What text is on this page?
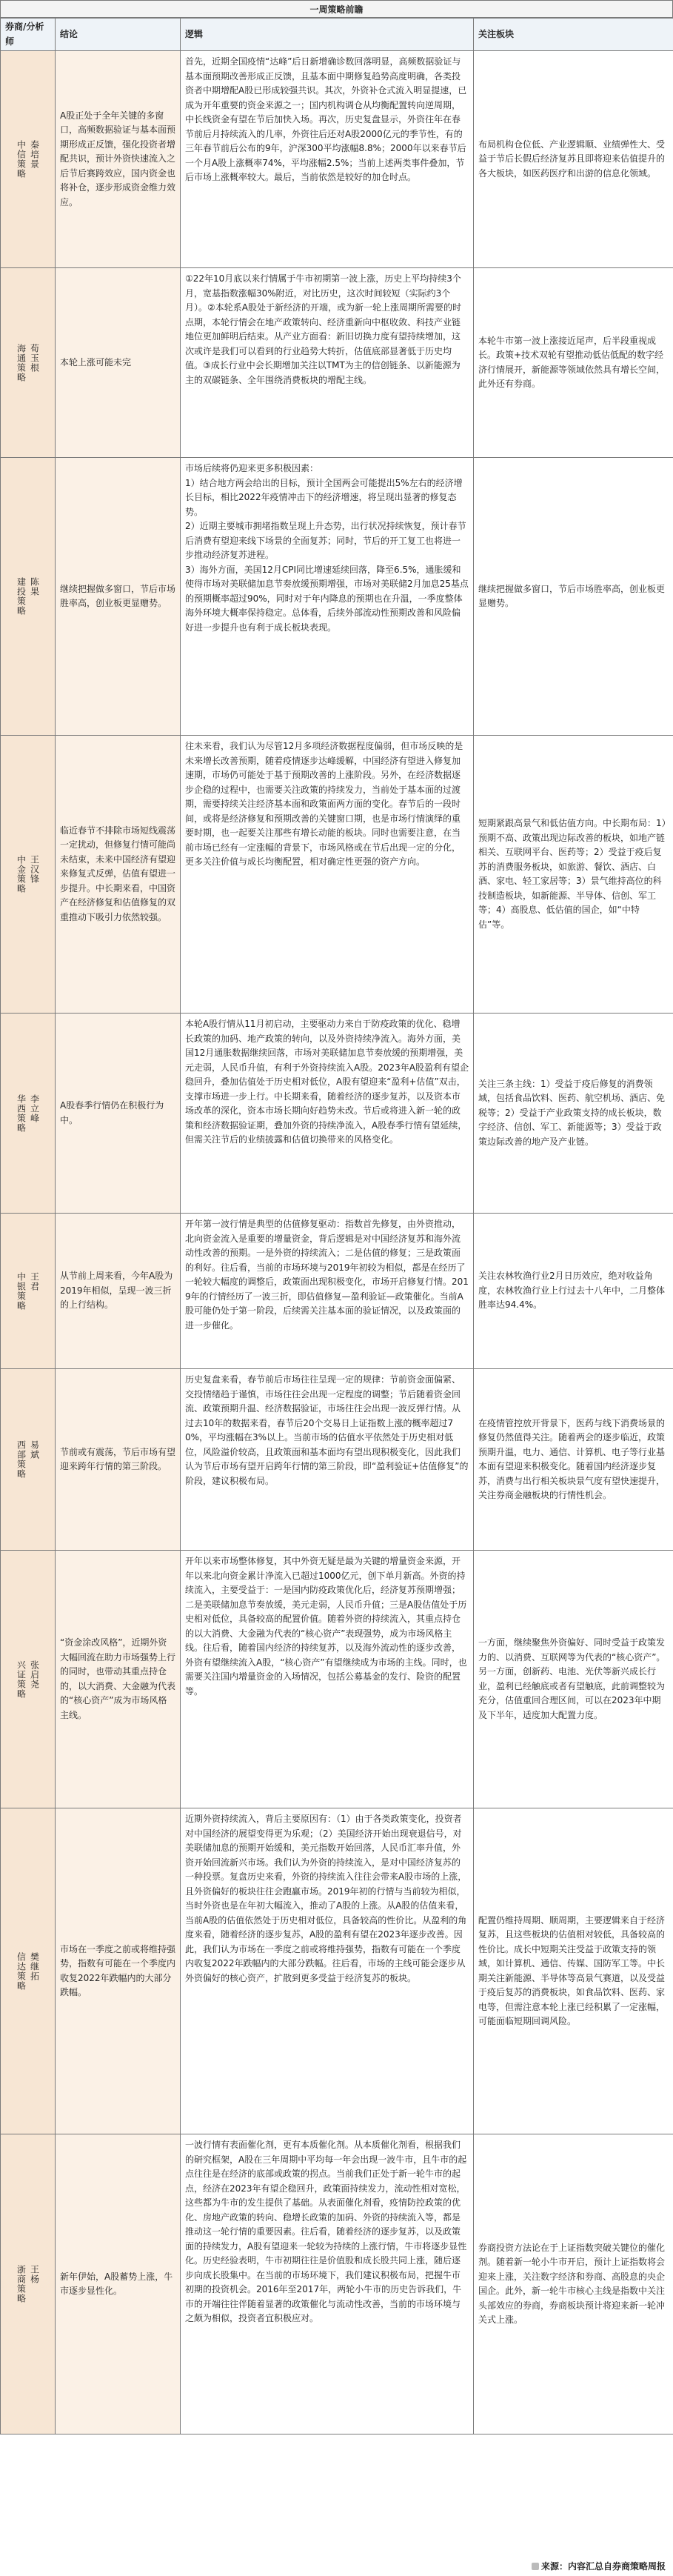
一周策略前瞻
券商/分析师	结论	逻辑	关注板块

中信策略 秦培景	A股正处于全年关键的多窗口，高频数据验证与基本面预期形成正反馈，强化投资者增配共识，预计外资快速流入之后节后赛跨效应，国内资金也将补仓，逐步形成资金维力效应。	首先，近期全国疫情“达峰”后日新增确诊数回落明显，高频数据验证与基本面预期改善形成正反馈，且基本面中期修复趋势高度明确，各类投资者中期增配A股已形成较强共识。其次，外资补仓式流入明显提速，已成为开年重要的资金来源之一；国内机构调仓从均衡配置转向逆周期，中长线资金有望在节后加快入场。再次，历史复盘显示，外资往年在春节前后月持续流入的几率，外资往后还对A股2000亿元的季节性，有的三年春节前后公布的9年，沪深300平均涨幅8.8%；2000年以来春节后一个月A股上涨概率74%，平均涨幅2.5%；当前上述两类事件叠加，节后市场上涨概率较大。最后，当前依然是较好的加仓时点。	布局机构仓位低、产业逻辑顺、业绩弹性大、受益于节后长假后经济复苏且即将迎来估值提升的各大板块，如医药医疗和出游的信息化领域。

海通策略 荀玉根	本轮上涨可能未完	①22年10月底以来行情属于牛市初期第一波上涨，历史上平均持续3个月，宽基指数涨幅30%附近，对比历史，这次时间较短（实际约3个月）。②本轮系A股处于新经济的开端，或为新一轮上涨周期所需要的时点期，本轮行情会在地产政策转向、经济重新向中枢收敛、科技产业链地位更加鲜明后结束。从产业方面看：新旧切换力度有望持续增加，这次或许是我们可以看到的行业趋势大转折，估值底部显著低于历史均值。③成长行业中会长期增加关注以TMT为主的信创链条、以新能源为主的双碳链条、全年围绕消费板块的增配主线。	本轮牛市第一波上涨接近尾声，后半段重视成长。政策+技术双轮有望推动低估低配的数字经济行情展开，新能源等领域依然具有增长空间，此外还有券商。

建投策略 陈果	继续把握做多窗口，节后市场胜率高，创业板更显赠势。	市场后续将仍迎来更多积极因素：
1）结合地方两会给出的目标，预计全国两会可能提出5%左右的经济增长目标，相比2022年疫情冲击下的经济增速，将呈现出显著的修复态势。
2）近期主要城市拥堵指数呈现上升态势，出行状况持续恢复，预计春节后消费有望迎来线下场景的全面复苏；同时，节后的开工复工也将进一步推动经济复苏进程。
3）海外方面，美国12月CPI同比增速延续回落，降至6.5%，通胀缓和使得市场对美联储加息节奏放缓预期增强，市场对美联储2月加息25基点的预期概率超过90%，同时对于年内降息的预期也在升温，一季度整体海外环境大概率保持稳定。总体看，后续外部流动性预期改善和风险偏好进一步提升也有利于成长板块表现。	继续把握做多窗口，节后市场胜率高，创业板更显赠势。

中金策略 王汉锋	临近春节不排除市场短线震荡一定扰动，但修复行情可能尚未结束，未来中国经济有望迎来修复式反弹，估值有望进一步提升。中长期来看，中国资产在经济修复和估值修复的双重推动下吸引力依然较强。	往未来看，我们认为尽管12月多项经济数据程度偏弱，但市场反映的是未来增长改善预期，随着疫情逐步达峰缓解，中国经济有望进入修复加速期，市场仍可能处于基于预期改善的上涨阶段。另外，在经济数据逐步企稳的过程中，也需要关注政策的持续发力，当前处于基本面的过渡期，需要持续关注经济基本面和政策面两方面的变化。春节后的一段时间，或将是经济修复和预期改善的关键窗口期，也是市场行情演绎的重要时期，也一起要关注那些有增长动能的板块。同时也需要注意，在当前市场已经有一定涨幅的背景下，市场风格或在节后出现一定的分化，更多关注价值与成长均衡配置，相对确定性更强的资产方向。	短期紧跟高景气和低估值方向。中长期布局：1）预期不高、政策出现边际改善的板块，如地产链相关、互联网平台、医药等；2）受益于疫后复苏的消费服务板块，如旅游、餐饮、酒店、白酒、家电、轻工家居等；3）景气维持高位的科技制造板块，如新能源、半导体、信创、军工等；4）高股息、低估值的国企，如“中特估”等。

华西策略 李立峰	A股春季行情仍在积极行为中。	本轮A股行情从11月初启动，主要驱动力来自于防疫政策的优化、稳增长政策的加码、地产政策的转向，以及外资持续净流入。海外方面，美国12月通胀数据继续回落，市场对美联储加息节奏放缓的预期增强，美元走弱，人民币升值，有利于外资持续流入A股。2023年A股盈利有望企稳回升，叠加估值处于历史相对低位，A股有望迎来“盈利+估值”双击，支撑市场进一步上行。中长期来看，随着经济的逐步复苏，以及资本市场改革的深化，资本市场长期向好趋势未改。节后或将进入新一轮的政策和经济数据验证期，叠加外资的持续净流入，A股春季行情有望延续，但需关注节后的业绩披露和估值切换带来的风格变化。	关注三条主线：1）受益于疫后修复的消费领域，包括食品饮料、医药、航空机场、酒店、免税等；2）受益于产业政策支持的成长板块，数字经济、信创、军工、新能源等；3）受益于政策边际改善的地产及产业链。

中银策略 王君	从节前上周来看，今年A股为2019年相似，呈现一波三折的上行结构。	开年第一波行情是典型的估值修复驱动：指数首先修复，由外资推动，北向资金流入是重要的增量资金，背后逻辑是对中国经济复苏和海外流动性改善的预期。一是外资的持续流入；二是估值的修复；三是政策面的利好。往后看，当前的市场环境与2019年初较为相似，都是在经历了一轮较大幅度的调整后，政策面出现积极变化，市场开启修复行情。2019年的行情经历了一波三折，即估值修复—盈利验证—政策催化。当前A股可能仍处于第一阶段，后续需关注基本面的验证情况，以及政策面的进一步催化。	关注农林牧渔行业2月日历效应，绝对收益角度，农林牧渔行业上行过去十八年中，二月整体胜率达94.4%。

西部策略 易斌	节前或有震荡，节后市场有望迎来跨年行情的第三阶段。	历史复盘来看，春节前后市场往往呈现一定的规律：节前资金面偏紧、交投情绪趋于谨慎，市场往往会出现一定程度的调整；节后随着资金回流、政策预期升温、经济数据验证，市场往往会出现一波反弹行情。从过去10年的数据来看，春节后20个交易日上证指数上涨的概率超过70%，平均涨幅在3%以上。当前市场的估值水平依然处于历史相对低位，风险溢价较高，且政策面和基本面均有望出现积极变化，因此我们认为节后市场有望开启跨年行情的第三阶段，即“盈利验证+估值修复”的阶段，建议积极布局。	在疫情管控放开背景下，医药与线下消费场景的修复仍然值得关注。随着两会的逐步临近，政策预期升温，电力、通信、计算机、电子等行业基本面有望迎来积极变化。随着国内经济逐步复苏，消费与出行相关板块景气度有望快速提升，关注券商金融板块的行情性机会。

兴证策略 张启尧	“资金涂改风格”，近期外资大幅回流在助力市场强势上行的同时，也带动其重点持仓的，以大消费、大金融为代表的“核心资产”成为市场风格主线。	开年以来市场整体修复，其中外资无疑是最为关键的增量资金来源，开年以来北向资金累计净流入已超过1000亿元，创下单月新高。外资的持续流入，主要受益于：一是国内防疫政策优化后，经济复苏预期增强；二是美联储加息节奏放缓，美元走弱，人民币升值；三是A股估值处于历史相对低位，具备较高的配置价值。随着外资的持续流入，其重点持仓的以大消费、大金融为代表的“核心资产”表现强势，成为市场风格主线。往后看，随着国内经济的持续复苏，以及海外流动性的逐步改善，外资有望继续流入A股，“核心资产”有望继续成为市场的主线。同时，也需要关注国内增量资金的入场情况，包括公募基金的发行、险资的配置等。	一方面，继续聚焦外资偏好、同时受益于政策发力的、以消费、互联网等为代表的“核心资产”。另一方面，创新药、电池、光伏等新兴成长行业，盈利已经触底或者有望触底，此前调整较为充分，估值重回合理区间，可以在2023年中期及下半年，适度加大配置力度。

信达策略 樊继拓	市场在一季度之前或将维持强势，指数有可能在一个季度内收复2022年跌幅内的大部分跌幅。	近期外资持续流入，背后主要原因有：（1）由于各类政策变化，投资者对中国经济的展望变得更为乐观；（2）美国经济开始出现衰退信号，对美联储加息的预期开始缓和，美元指数开始回落，人民币汇率升值，外资开始回流新兴市场。我们认为外资的持续流入，是对中国经济复苏的一种投票。复盘历史来看，外资的持续流入往往会带来A股市场的上涨，且外资偏好的板块往往会跑赢市场。2019年初的行情与当前较为相似，当时外资也是在年初大幅流入，推动了A股的上涨。从A股的估值来看，当前A股的估值依然处于历史相对低位，具备较高的性价比。从盈利的角度来看，随着经济的逐步复苏，A股的盈利有望在2023年逐步改善。因此，我们认为市场在一季度之前或将维持强势，指数有可能在一个季度内收复2022年跌幅内的大部分跌幅。往后看，市场的主线可能会逐步从外资偏好的核心资产，扩散到更多受益于经济复苏的板块。	配置仍维持周期、顺周期，主要逻辑来自于经济复苏，且这些板块的估值相对较低，具备较高的性价比。成长中短期关注受益于政策支持的领域，如计算机、通信、传媒、国防军工等。中长期关注新能源、半导体等高景气赛道，以及受益于疫后复苏的消费板块，如食品饮料、医药、家电等，但需注意本轮上涨已经积累了一定涨幅，可能面临短期回调风险。

浙商策略 王杨	新年伊始，A股蓄势上涨，牛市逐步显性化。	一波行情有表面催化剂，更有本质催化剂。从本质催化剂看，根据我们的研究框架，A股在三年周期中平均每一年会出现一波牛市，且牛市的起点往往是在经济的底部或政策的拐点。当前我们正处于新一轮牛市的起点，经济在2023年有望企稳回升，政策面持续发力，流动性相对宽松，这些都为牛市的发生提供了基础。从表面催化剂看，疫情防控政策的优化、房地产政策的转向、稳增长政策的加码、外资的持续流入等，都是推动这一轮行情的重要因素。往后看，随着经济的逐步复苏，以及政策面的持续发力，A股有望迎来一轮较为持续的上涨行情，牛市将逐步显性化。历史经验表明，牛市初期往往是价值股和成长股共同上涨，随后逐步向成长股集中。在当前的市场环境下，我们建议积极布局，把握牛市初期的投资机会。2016年至2017年，两轮小牛市的历史告诉我们，牛市的开端往往伴随着显著的政策催化与流动性改善，当前的市场环境与之颇为相似，投资者宜积极应对。	券商投资方法论在于上证指数突破关键位的催化剂。随着新一轮小牛市开启，预计上证指数将会迎来上涨，关注数字经济和券商、高股息的央企国企。此外，新一轮牛市核心主线是指数中关注头部效应的券商，券商板块预计将迎来新一轮冲关式上涨。
来源：内容汇总自券商策略周报
